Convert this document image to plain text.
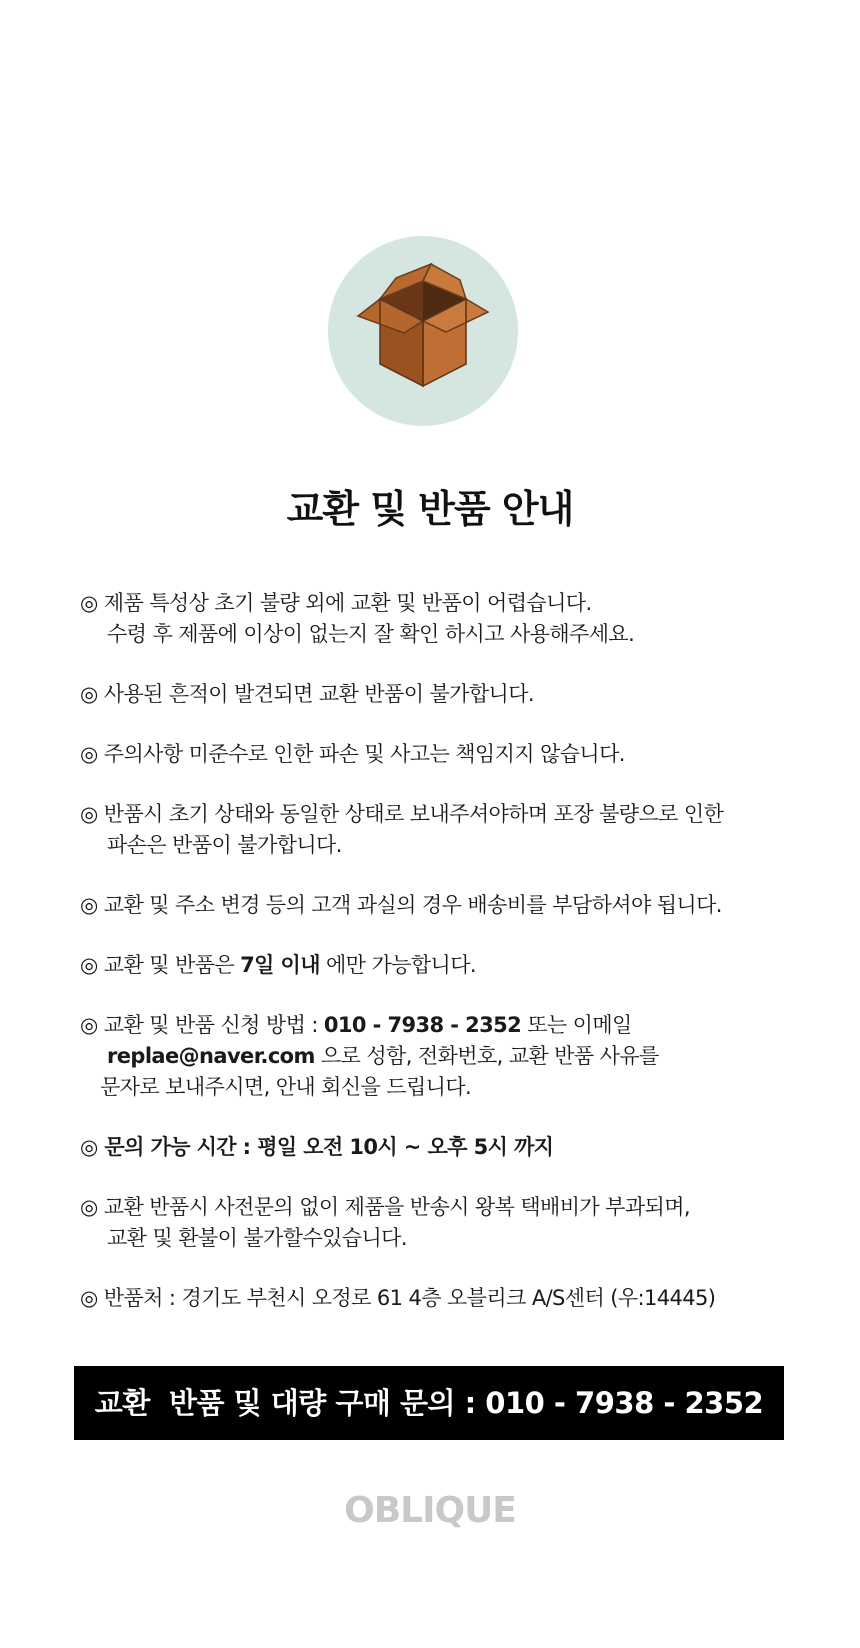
교환 및 반품 안내
◎ 제품 특성상 초기 불량 외에 교환 및 반품이 어렵습니다.
수령 후 제품에 이상이 없는지 잘 확인 하시고 사용해주세요.
◎ 사용된 흔적이 발견되면 교환 반품이 불가합니다.
◎ 주의사항 미준수로 인한 파손 및 사고는 책임지지 않습니다.
◎ 반품시 초기 상태와 동일한 상태로 보내주셔야하며 포장 불량으로 인한
파손은 반품이 불가합니다.
◎ 교환 및 주소 변경 등의 고객 과실의 경우 배송비를 부담하셔야 됩니다.
◎ 교환 및 반품은 7일 이내 에만 가능합니다.
◎ 교환 및 반품 신청 방법 : 010 - 7938 - 2352 또는 이메일
replae@naver.com 으로 성함, 전화번호, 교환 반품 사유를
문자로 보내주시면, 안내 회신을 드립니다.
◎ 문의 가능 시간 : 평일 오전 10시 ~ 오후 5시 까지
◎ 교환 반품시 사전문의 없이 제품을 반송시 왕복 택배비가 부과되며,
교환 및 환불이 불가할수있습니다.
◎ 반품처 : 경기도 부천시 오정로 61 4층 오블리크 A/S센터 (우:14445)
교환  반품 및 대량 구매 문의 : 010 - 7938 - 2352
OBLIQUE
